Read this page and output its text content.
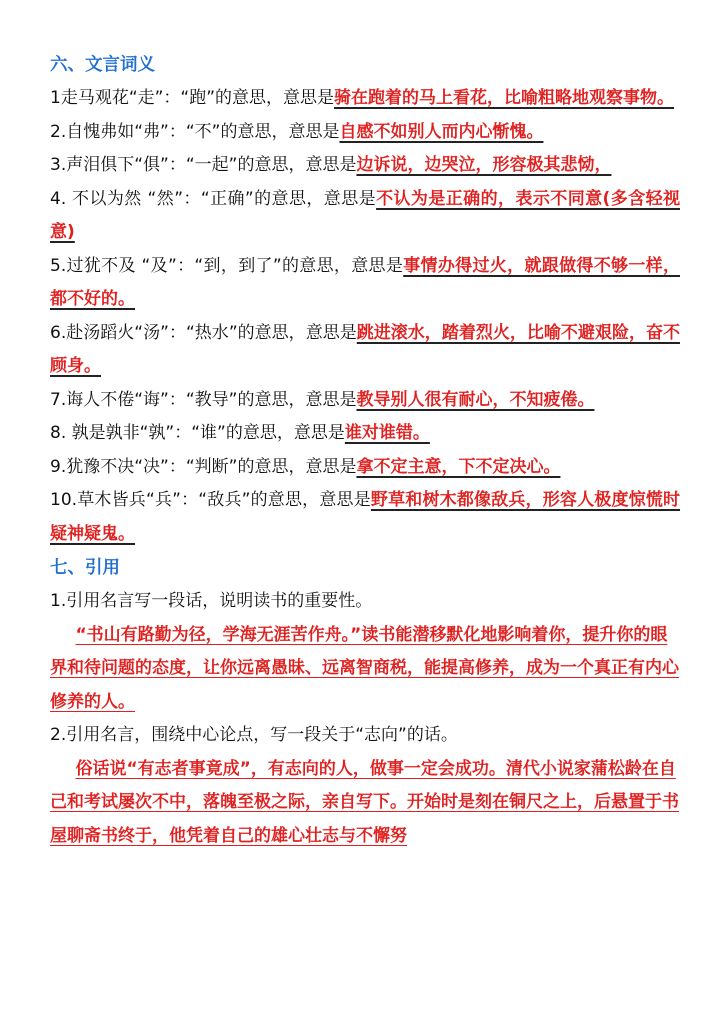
六、文言词义

1走马观花“走”：“跑”的意思，意思是骑在跑着的马上看花，比喻粗略地观察事物。

2.自愧弗如“弗”：“不”的意思，意思是自感不如别人而内心惭愧。

3.声泪俱下“俱”：“一起”的意思，意思是边诉说，边哭泣，形容极其悲恸，

4. 不以为然 “然”：“正确”的意思，意思是不认为是正确的，表示不同意(多含轻视意)

5.过犹不及 “及”：“到，到了”的意思，意思是事情办得过火，就跟做得不够一样，都不好的。

6.赴汤蹈火“汤”：“热水”的意思，意思是跳进滚水，踏着烈火，比喻不避艰险，奋不顾身。

7.诲人不倦“诲”：“教导”的意思，意思是教导别人很有耐心，不知疲倦。

8. 孰是孰非“孰”：“谁”的意思，意思是谁对谁错。

9.犹豫不决“决”：“判断”的意思，意思是拿不定主意，下不定决心。

10.草木皆兵“兵”：“敌兵”的意思，意思是野草和树木都像敌兵，形容人极度惊慌时疑神疑鬼。

七、引用

1.引用名言写一段话，说明读书的重要性。

“书山有路勤为径，学海无涯苦作舟。”读书能潜移默化地影响着你，提升你的眼界和待问题的态度，让你远离愚昧、远离智商税，能提高修养，成为一个真正有内心修养的人。

2.引用名言，围绕中心论点，写一段关于“志向”的话。

俗话说“有志者事竟成”，有志向的人，做事一定会成功。清代小说家蒲松龄在自己和考试屡次不中，落魄至极之际，亲自写下。开始时是刻在铜尺之上，后悬置于书屋聊斋书终于，他凭着自己的雄心壮志与不懈努
